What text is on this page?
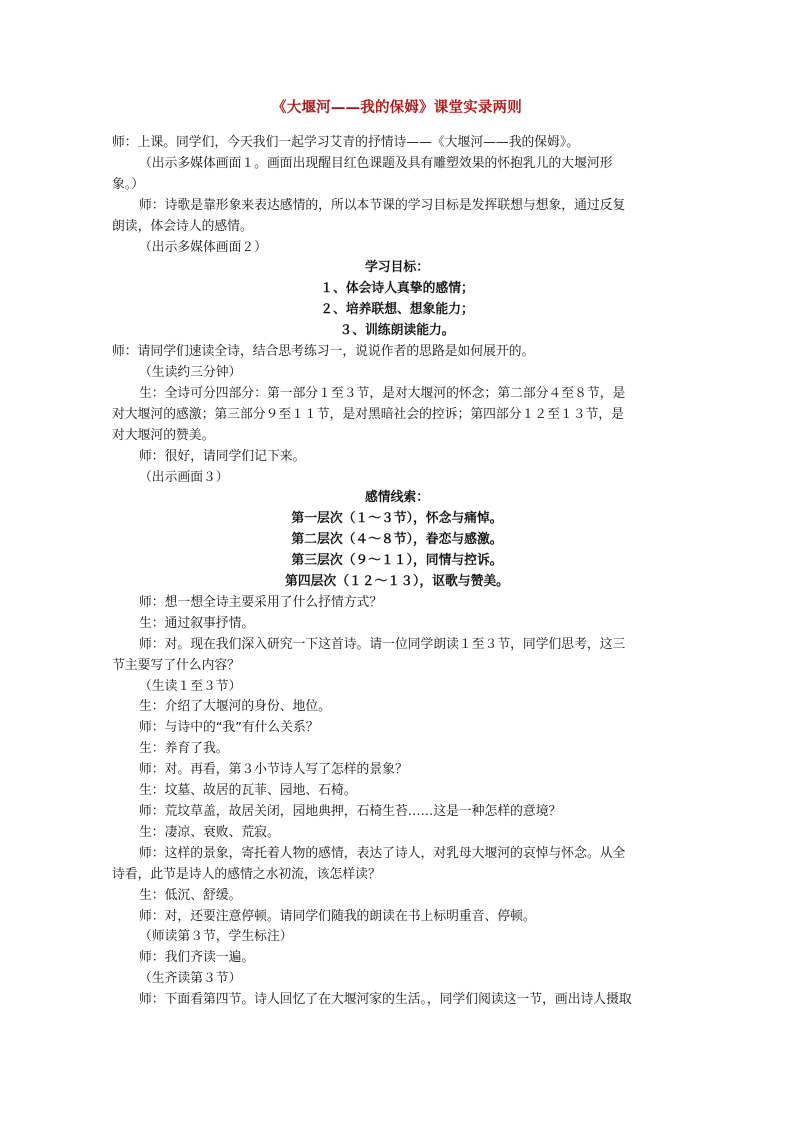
《大堰河——我的保姆》课堂实录两则
师：上课。同学们，今天我们一起学习艾青的抒情诗——《大堰河——我的保姆》。
（出示多媒体画面１。画面出现醒目红色课题及具有雕塑效果的怀抱乳儿的大堰河形
象。）
师：诗歌是靠形象来表达感情的，所以本节课的学习目标是发挥联想与想象，通过反复
朗读，体会诗人的感情。
（出示多媒体画面２）
学习目标：
１、体会诗人真挚的感情；
２、培养联想、想象能力；
３、训练朗读能力。
师：请同学们速读全诗，结合思考练习一，说说作者的思路是如何展开的。
（生读约三分钟）
生：全诗可分四部分：第一部分１至３节，是对大堰河的怀念；第二部分４至８节，是
对大堰河的感激；第三部分９至１１节，是对黑暗社会的控诉；第四部分１２至１３节，是
对大堰河的赞美。
师：很好，请同学们记下来。
（出示画面３）
感情线索：
第一层次（１～３节），怀念与痛悼。
第二层次（４～８节），眷恋与感激。
第三层次（９～１１），同情与控诉。
第四层次（１２～１３），讴歌与赞美。
师：想一想全诗主要采用了什么抒情方式？
生：通过叙事抒情。
师：对。现在我们深入研究一下这首诗。请一位同学朗读１至３节，同学们思考，这三
节主要写了什么内容？
（生读１至３节）
生：介绍了大堰河的身份、地位。
师：与诗中的“我”有什么关系？
生：养育了我。
师：对。再看，第３小节诗人写了怎样的景象？
生：坟墓、故居的瓦菲、园地、石椅。
师：荒坟草盖，故居关闭，园地典押，石椅生苔……这是一种怎样的意境？
生：凄凉、衰败、荒寂。
师：这样的景象，寄托着人物的感情，表达了诗人，对乳母大堰河的哀悼与怀念。从全
诗看，此节是诗人的感情之水初流，该怎样读？
生：低沉、舒缓。
师：对，还要注意停顿。请同学们随我的朗读在书上标明重音、停顿。
（师读第３节，学生标注）
师：我们齐读一遍。
（生齐读第３节）
师：下面看第四节。诗人回忆了在大堰河家的生活。，同学们阅读这一节，画出诗人摄取
